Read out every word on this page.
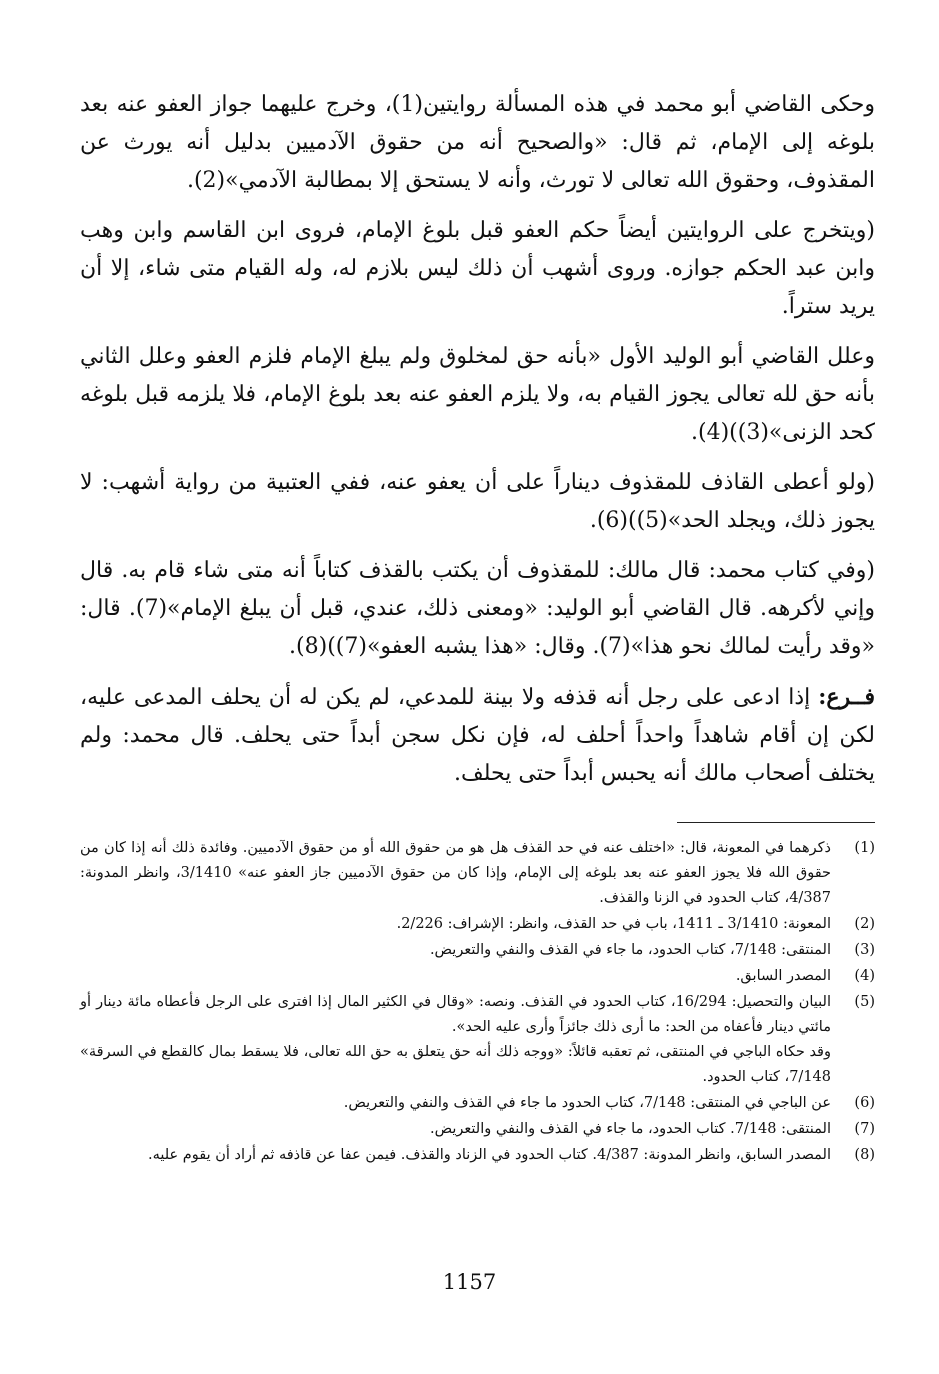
وحكى القاضي أبو محمد في هذه المسألة روايتين(1)، وخرج عليهما جواز العفو عنه بعد بلوغه إلى الإمام، ثم قال: «والصحيح أنه من حقوق الآدميين بدليل أنه يورث عن المقذوف، وحقوق الله تعالى لا تورث، وأنه لا يستحق إلا بمطالبة الآدمي»(2).

(ويتخرج على الروايتين أيضاً حكم العفو قبل بلوغ الإمام، فروى ابن القاسم وابن وهب وابن عبد الحكم جوازه. وروى أشهب أن ذلك ليس بلازم له، وله القيام متى شاء، إلا أن يريد ستراً.

وعلل القاضي أبو الوليد الأول «بأنه حق لمخلوق ولم يبلغ الإمام فلزم العفو وعلل الثاني بأنه حق لله تعالى يجوز القيام به، ولا يلزم العفو عنه بعد بلوغ الإمام، فلا يلزمه قبل بلوغه كحد الزنى»(3))(4).

(ولو أعطى القاذف للمقذوف ديناراً على أن يعفو عنه، ففي العتبية من رواية أشهب: لا يجوز ذلك، ويجلد الحد»(5))(6).

(وفي كتاب محمد: قال مالك: للمقذوف أن يكتب بالقذف كتاباً أنه متى شاء قام به. قال وإني لأكرهه. قال القاضي أبو الوليد: «ومعنى ذلك، عندي، قبل أن يبلغ الإمام»(7). قال: «وقد رأيت لمالك نحو هذا»(7). وقال: «هذا يشبه العفو»(7))(8).

فــرع: إذا ادعى على رجل أنه قذفه ولا بينة للمدعي، لم يكن له أن يحلف المدعى عليه، لكن إن أقام شاهداً واحداً أحلف له، فإن نكل سجن أبداً حتى يحلف. قال محمد: ولم يختلف أصحاب مالك أنه يحبس أبداً حتى يحلف.

(1)

ذكرهما في المعونة، قال: «اختلف عنه في حد القذف هل هو من حقوق الله أو من حقوق الآدميين. وفائدة ذلك أنه إذا كان من حقوق الله فلا يجوز العفو عنه بعد بلوغه إلى الإمام، وإذا كان من حقوق الآدميين جاز العفو عنه» 3/1410، وانظر المدونة: 4/387، كتاب الحدود في الزنا والقذف.

(2)

المعونة: 3/1410 ـ 1411، باب في حد القذف، وانظر: الإشراف: 2/226.

(3)

المنتقى: 7/148، كتاب الحدود، ما جاء في القذف والنفي والتعريض.

(4)

المصدر السابق.

(5)

البيان والتحصيل: 16/294، كتاب الحدود في القذف. ونصه: «وقال في الكثير المال إذا افترى على الرجل فأعطاه مائة دينار أو مائتي دينار فأعفاه من الحد: ما أرى ذلك جائزاً وأرى عليه الحد».

وقد حكاه الباجي في المنتقى، ثم تعقبه قائلاً: «ووجه ذلك أنه حق يتعلق به حق الله تعالى، فلا يسقط بمال كالقطع في السرقة» 7/148، كتاب الحدود.

(6)

عن الباجي في المنتقى: 7/148، كتاب الحدود ما جاء في القذف والنفي والتعريض.

(7)

المنتقى: 7/148. كتاب الحدود، ما جاء في القذف والنفي والتعريض.

(8)

المصدر السابق، وانظر المدونة: 4/387. كتاب الحدود في الزناد والقذف. فيمن عفا عن قاذفه ثم أراد أن يقوم عليه.

1157
